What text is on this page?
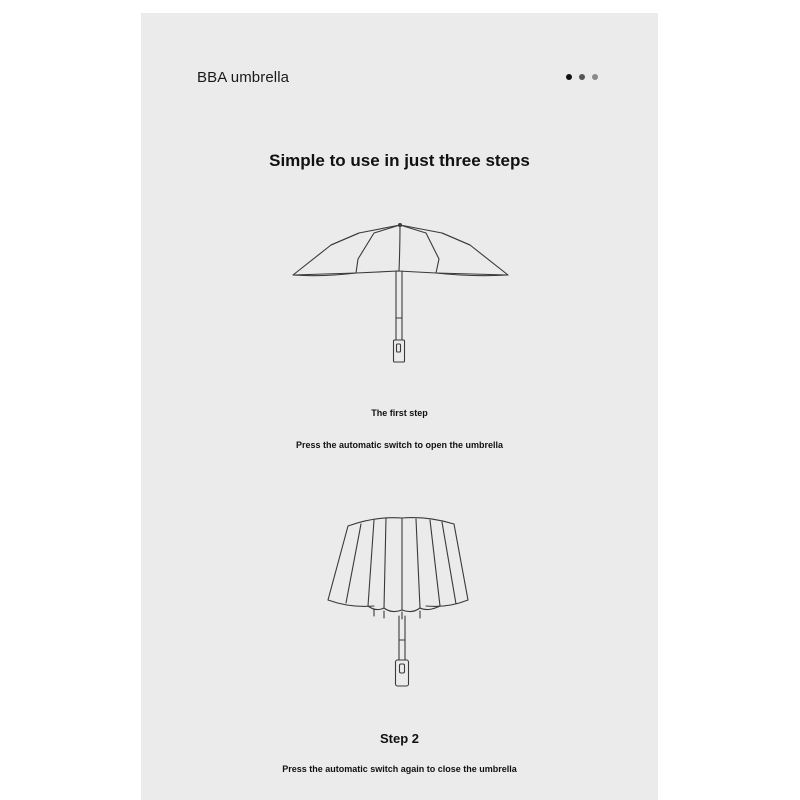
BBA umbrella
Simple to use in just three steps
The first step
Press the automatic switch to open the umbrella
Step 2
Press the automatic switch again to close the umbrella
